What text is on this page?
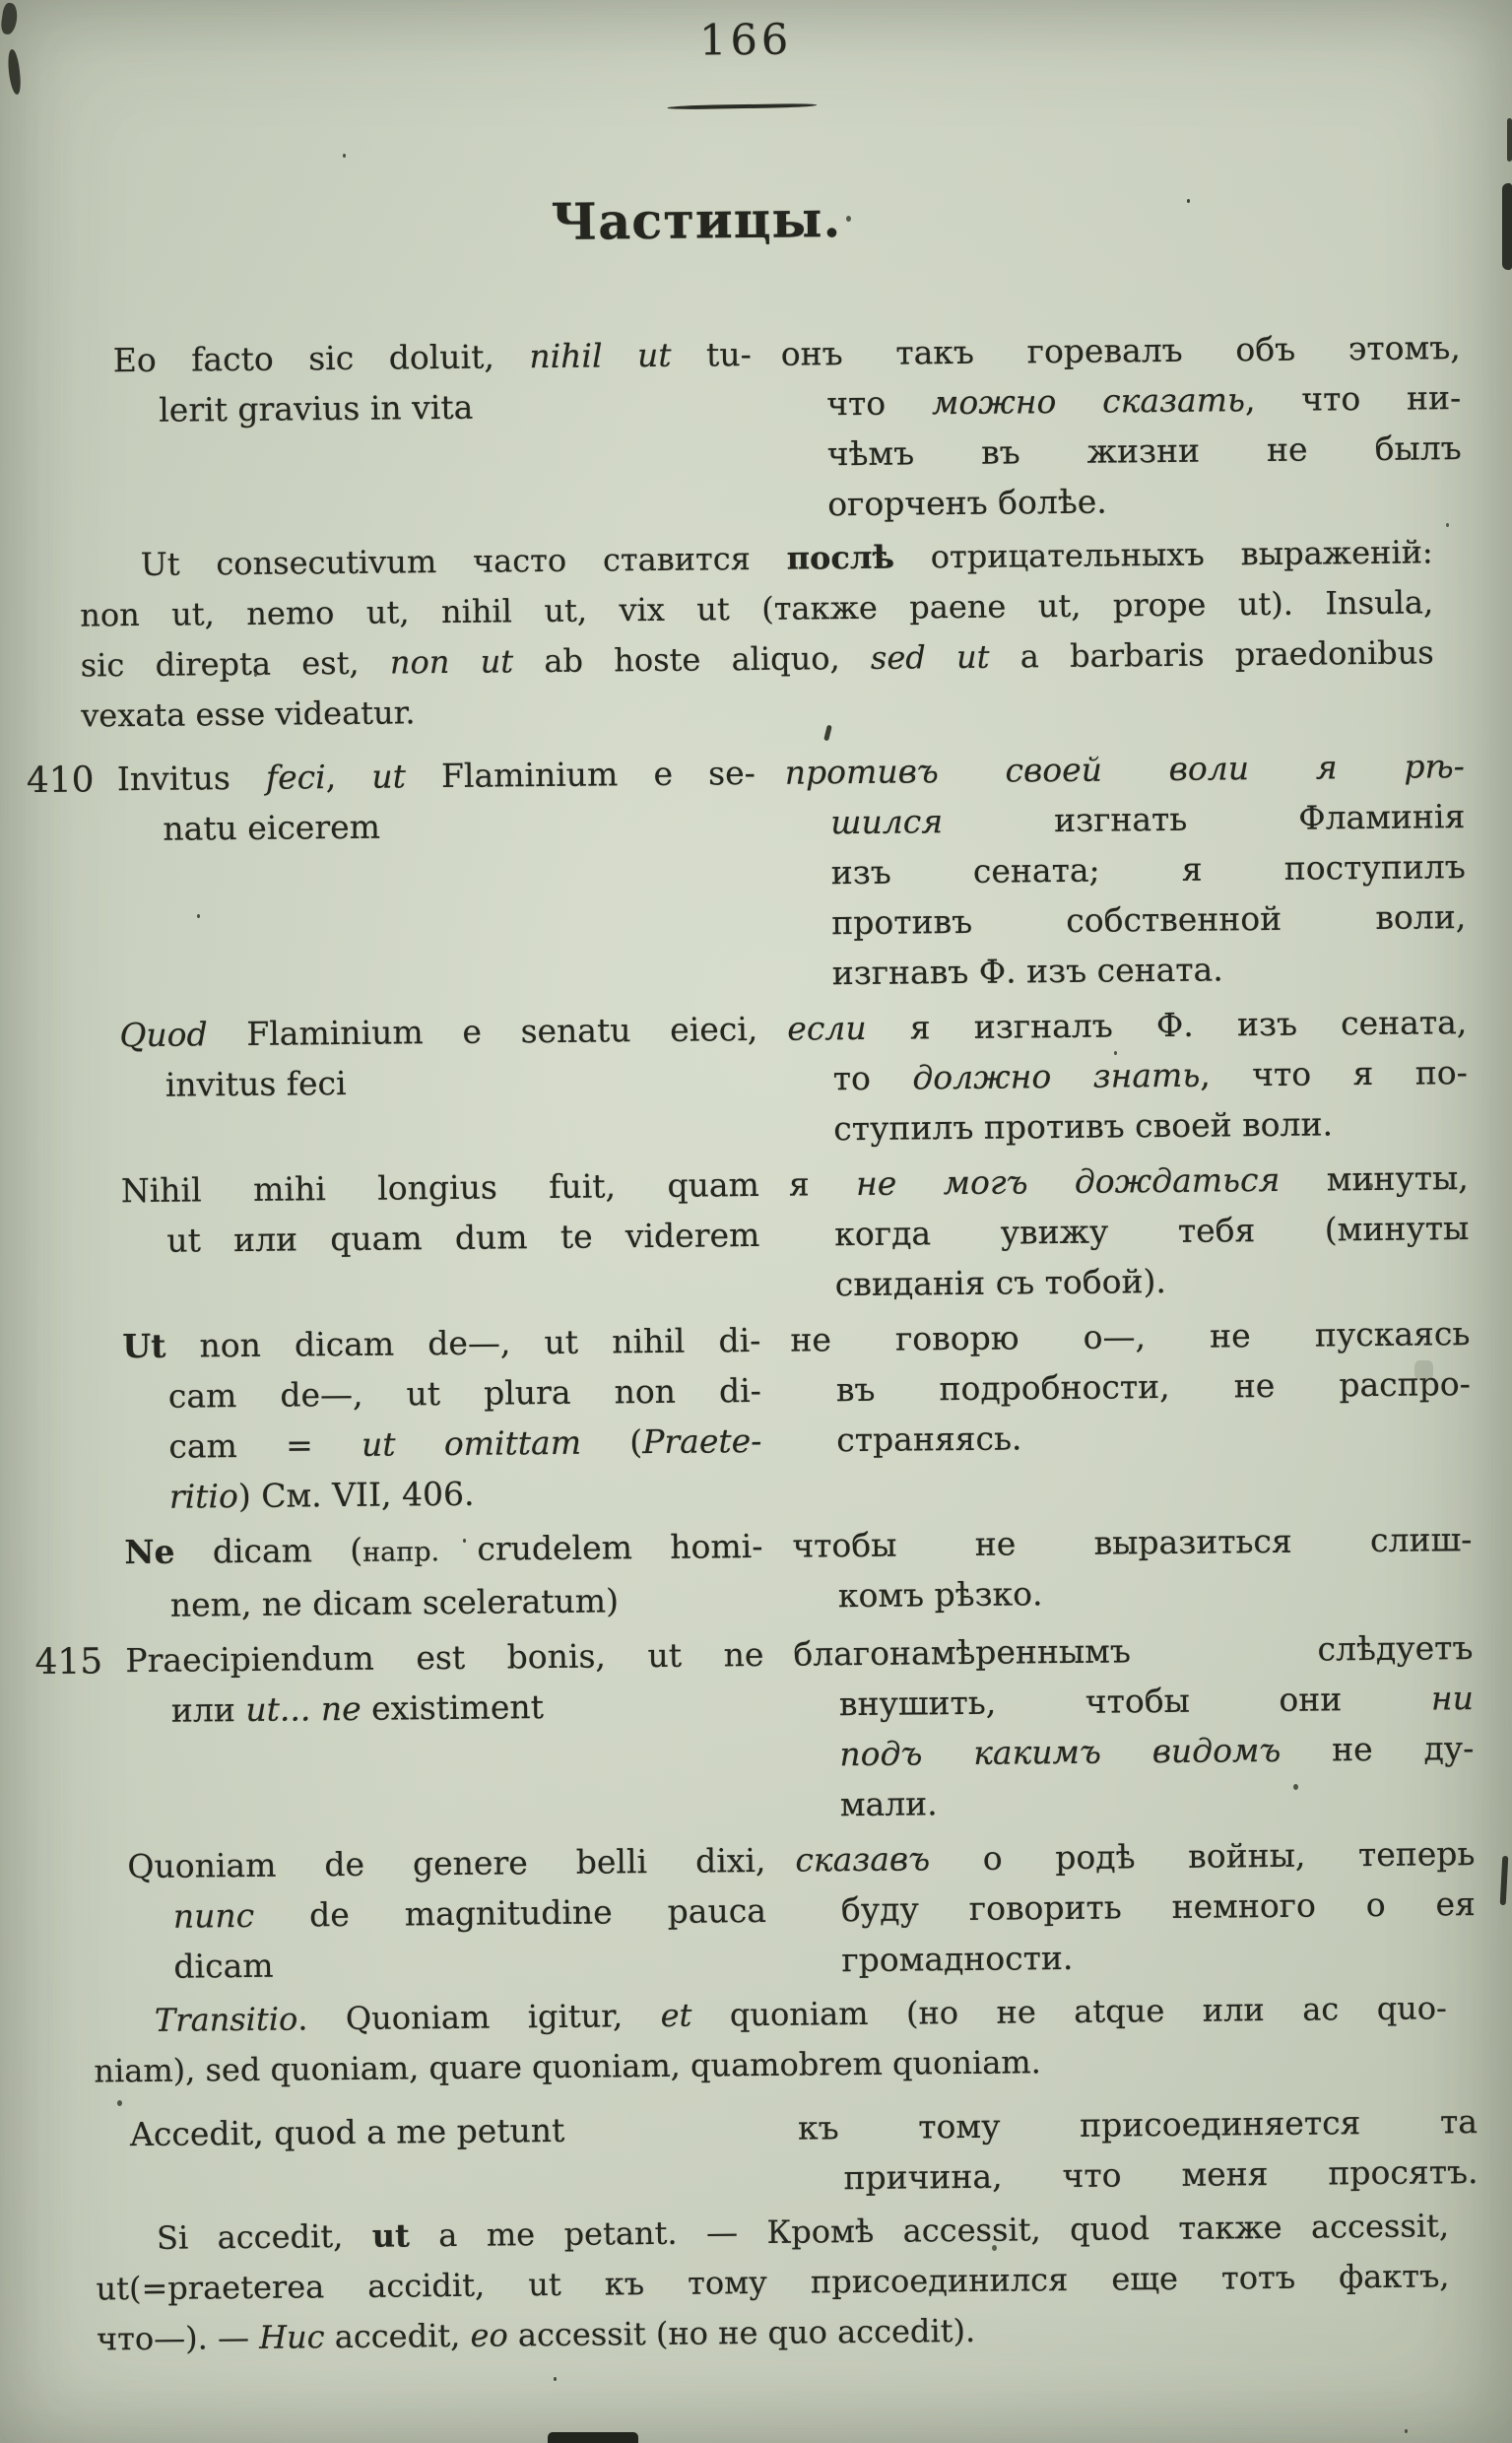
166
Частицы.
Eo facto sic doluit, nihil ut tu-
lerit gravius in vita
онъ такъ горевалъ объ этомъ,
что можно сказать, что ни-
чѣмъ въ жизни не былъ
огорченъ болѣе.
Ut consecutivum часто ставится послѣ отрицательныхъ выраженій:
non ut, nemo ut, nihil ut, vix ut (также paene ut, prope ut). Insula,
sic direpta est, non ut ab hoste aliquo, sed ut a barbaris praedonibus
vexata esse videatur.
410 Invitus feci, ut Flaminium e se-
natu eicerem
противъ своей воли я рѣ-
шился изгнать Фламинія
изъ сената; я поступилъ
противъ собственной воли,
изгнавъ Ф. изъ сената.
Quod Flaminium e senatu eieci,
invitus feci
если я изгналъ Ф. изъ сената,
то должно знать, что я по-
ступилъ противъ своей воли.
Nihil mihi longius fuit, quam
ut или quam dum te viderem
я не могъ дождаться минуты,
когда увижу тебя (минуты
свиданія съ тобой).
Ut non dicam de—, ut nihil di-
cam de—, ut plura non di-
cam = ut omittam (Praete-
ritio) См. VII, 406.
не говорю о—, не пускаясь
въ подробности, не распро-
страняясь.
Ne dicam (напр. crudelem homi-
nem, ne dicam sceleratum)
чтобы не выразиться слиш-
комъ рѣзко.
415 Praecipiendum est bonis, ut ne
или ut... ne existiment
благонамѣреннымъ слѣдуетъ
внушить, чтобы они ни
подъ какимъ видомъ не ду-
мали.
Quoniam de genere belli dixi,
nunc de magnitudine pauca
dicam
сказавъ о родѣ войны, теперь
буду говорить немного о ея
громадности.
Transitio. Quoniam igitur, et quoniam (но не atque или ac quo-
niam), sed quoniam, quare quoniam, quamobrem quoniam.
Accedit, quod a me petunt	къ тому присоединяется та
причина, что меня просятъ.
Si accedit, ut a me petant. — Кромѣ accessit, quod также accessit,
ut(=praeterea accidit, ut къ тому присоединился еще тотъ фактъ,
что—). — Huc accedit, eo accessit (но не quo accedit).
